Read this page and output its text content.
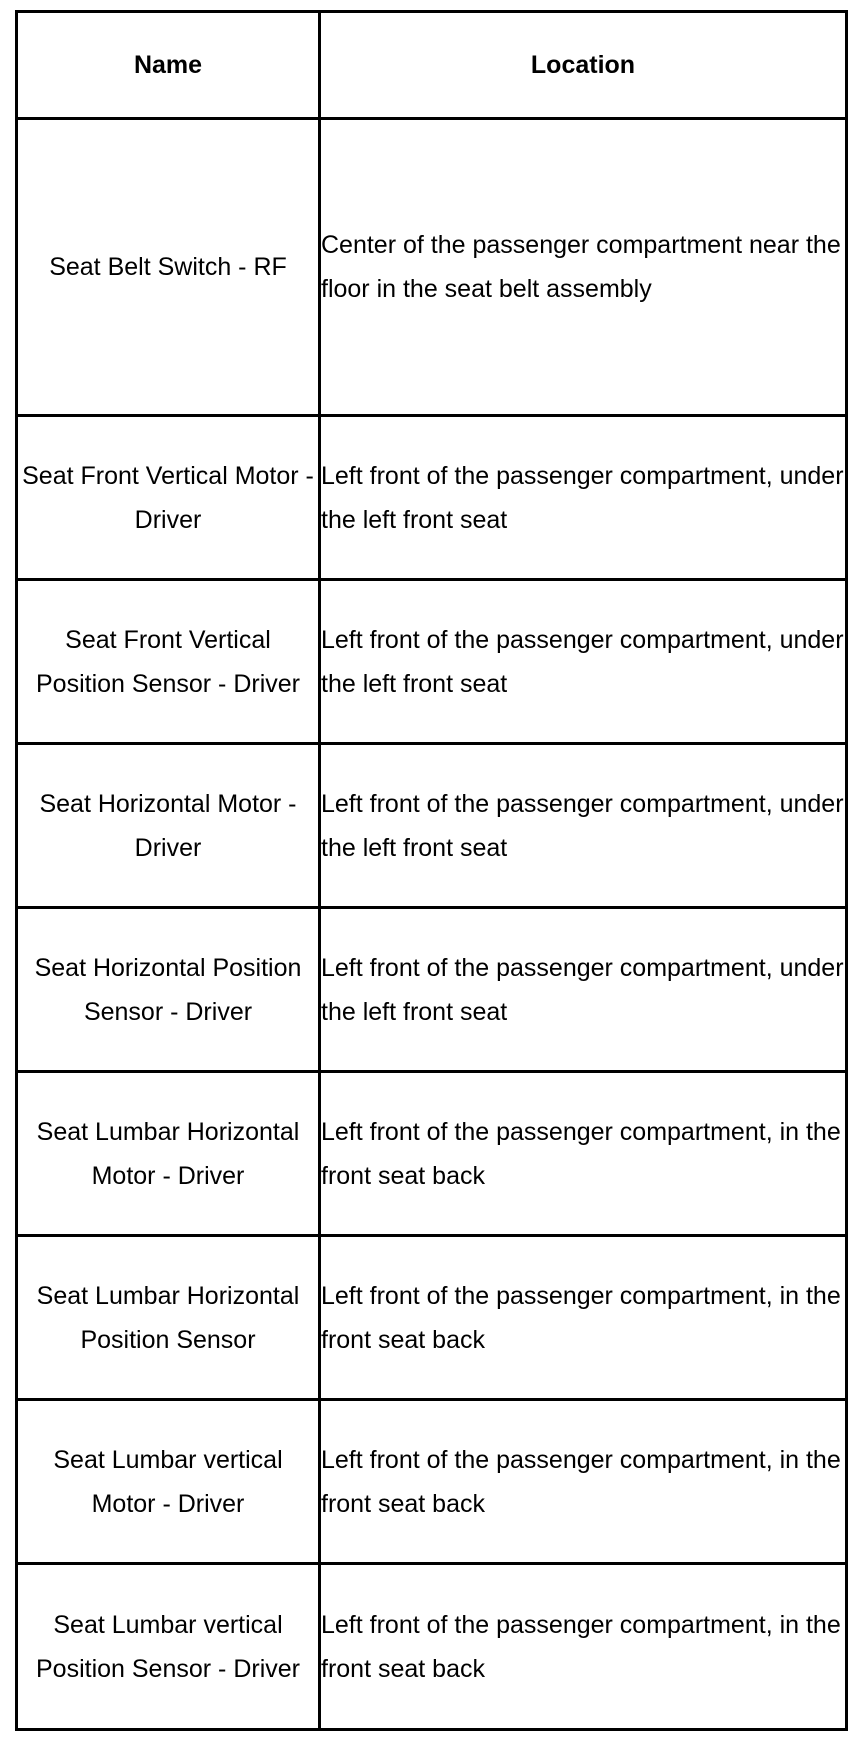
Name	Location
Seat Belt Switch - RF	Center of the passenger compartment near the floor in the seat belt assembly
Seat Front Vertical Motor - Driver	Left front of the passenger compartment, under the left front seat
Seat Front Vertical Position Sensor - Driver	Left front of the passenger compartment, under the left front seat
Seat Horizontal Motor - Driver	Left front of the passenger compartment, under the left front seat
Seat Horizontal Position Sensor - Driver	Left front of the passenger compartment, under the left front seat
Seat Lumbar Horizontal Motor - Driver	Left front of the passenger compartment, in the front seat back
Seat Lumbar Horizontal Position Sensor	Left front of the passenger compartment, in the front seat back
Seat Lumbar vertical Motor - Driver	Left front of the passenger compartment, in the front seat back
Seat Lumbar vertical Position Sensor - Driver	Left front of the passenger compartment, in the front seat back
